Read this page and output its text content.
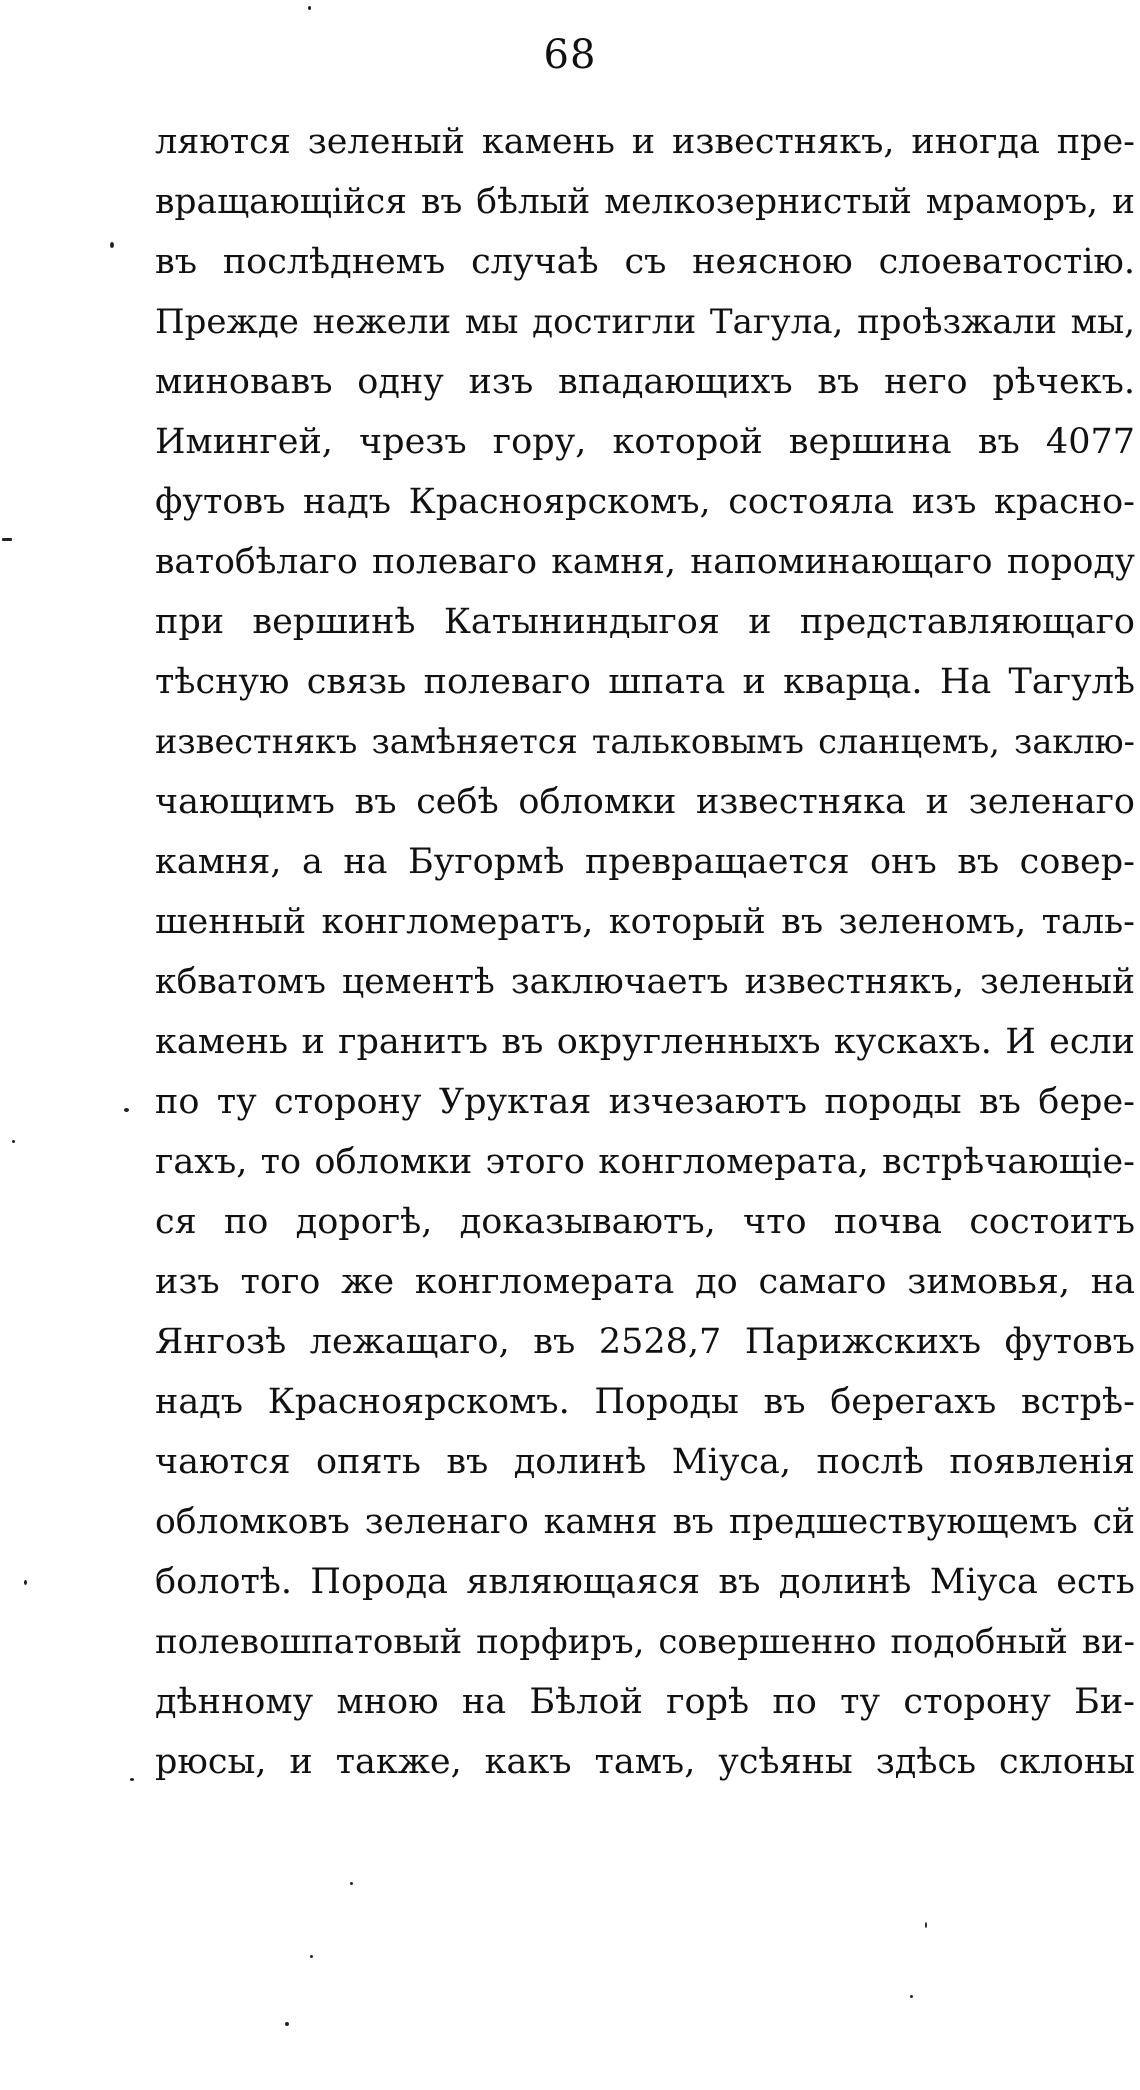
68
ляются зеленый камень и известнякъ, иногда пре-
вращающійся въ бѣлый мелкозернистый мраморъ, и
въ послѣднемъ случаѣ съ неясною слоеватостію.
Прежде нежели мы достигли Тагула, проѣзжали мы,
миновавъ одну изъ впадающихъ въ него рѣчекъ.
Имингей, чрезъ гору, которой вершина въ 4077
футовъ надъ Красноярскомъ, состояла изъ красно-
ватобѣлаго полеваго камня, напоминающаго породу
при вершинѣ Катыниндыгоя и представляющаго
тѣсную связь полеваго шпата и кварца. На Тагулѣ
известнякъ замѣняется тальковымъ сланцемъ, заклю-
чающимъ въ себѣ обломки известняка и зеленаго
камня, а на Бугормѣ превращается онъ въ совер-
шенный конгломератъ, который въ зеленомъ, таль-
кбватомъ цементѣ заключаетъ известнякъ, зеленый
камень и гранитъ въ округленныхъ кускахъ. И если
по ту сторону Уруктая изчезаютъ породы въ бере-
гахъ, то обломки этого конгломерата, встрѣчающіе-
ся по дорогѣ, доказываютъ, что почва состоитъ
изъ того же конгломерата до самаго зимовья, на
Янгозѣ лежащаго, въ 2528,7 Парижскихъ футовъ
надъ Красноярскомъ. Породы въ берегахъ встрѣ-
чаются опять въ долинѣ Міуса, послѣ появленія
обломковъ зеленаго камня въ предшествующемъ сй
болотѣ. Порода являющаяся въ долинѣ Міуса есть
полевошпатовый порфиръ, совершенно подобный ви-
дѣнному мною на Бѣлой горѣ по ту сторону Би-
рюсы, и также, какъ тамъ, усѣяны здѣсь склоны
